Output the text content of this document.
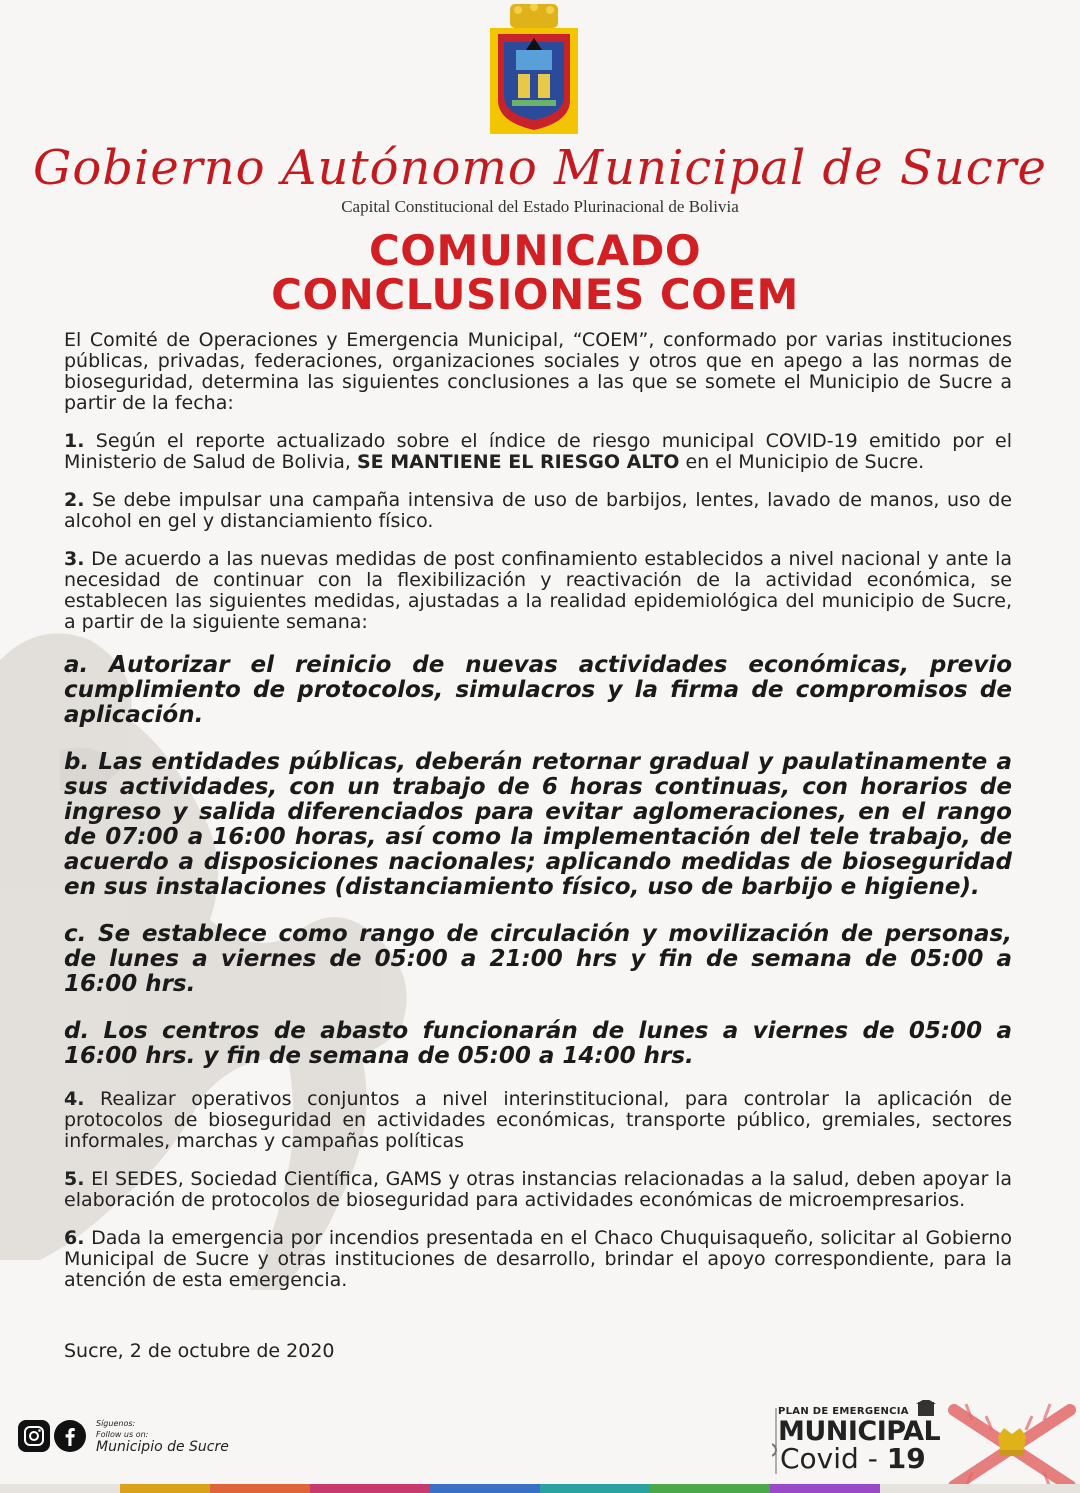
Gobierno Autónomo Municipal de Sucre
Capital Constitucional del Estado Plurinacional de Bolivia
COMUNICADO
CONCLUSIONES COEM

El Comité de Operaciones y Emergencia Municipal, “COEM”, conformado por varias instituciones públicas, privadas, federaciones, organizaciones sociales y otros que en apego a las normas de bioseguridad, determina las siguientes conclusiones a las que se somete el Municipio de Sucre a partir de la fecha:

1. Según el reporte actualizado sobre el índice de riesgo municipal COVID-19 emitido por el Ministerio de Salud de Bolivia, SE MANTIENE EL RIESGO ALTO en el Municipio de Sucre.

2. Se debe impulsar una campaña intensiva de uso de barbijos, lentes, lavado de manos, uso de alcohol en gel y distanciamiento físico.

3. De acuerdo a las nuevas medidas de post confinamiento establecidos a nivel nacional y ante la necesidad de continuar con la flexibilización y reactivación de la actividad económica, se establecen las siguientes medidas, ajustadas a la realidad epidemiológica del municipio de Sucre, a partir de la siguiente semana:

a. Autorizar el reinicio de nuevas actividades económicas, previo cumplimiento de protocolos, simulacros y la firma de compromisos de aplicación.

b. Las entidades públicas, deberán retornar gradual y paulatinamente a sus actividades, con un trabajo de 6 horas continuas, con horarios de ingreso y salida diferenciados para evitar aglomeraciones, en el rango de 07:00 a 16:00 horas, así como la implementación del tele trabajo, de acuerdo a disposiciones nacionales; aplicando medidas de bioseguridad en sus instalaciones (distanciamiento físico, uso de barbijo e higiene).

c. Se establece como rango de circulación y movilización de personas, de lunes a viernes de 05:00 a 21:00 hrs y fin de semana de 05:00 a 16:00 hrs.

d. Los centros de abasto funcionarán de lunes a viernes de 05:00 a 16:00 hrs. y fin de semana de 05:00 a 14:00 hrs.

4. Realizar operativos conjuntos a nivel interinstitucional, para controlar la aplicación de protocolos de bioseguridad en actividades económicas, transporte público, gremiales, sectores informales, marchas y campañas políticas

5. El SEDES, Sociedad Científica, GAMS y otras instancias relacionadas a la salud, deben apoyar la elaboración de protocolos de bioseguridad para actividades económicas de microempresarios.

6. Dada la emergencia por incendios presentada en el Chaco Chuquisaqueño, solicitar al Gobierno Municipal de Sucre y otras instituciones de desarrollo, brindar el apoyo correspondiente, para la atención de esta emergencia.

Sucre, 2 de octubre de 2020
Síguenos:
Follow us on:
Municipio de Sucre
PLAN DE EMERGENCIA
MUNICIPAL
Covid - 19
